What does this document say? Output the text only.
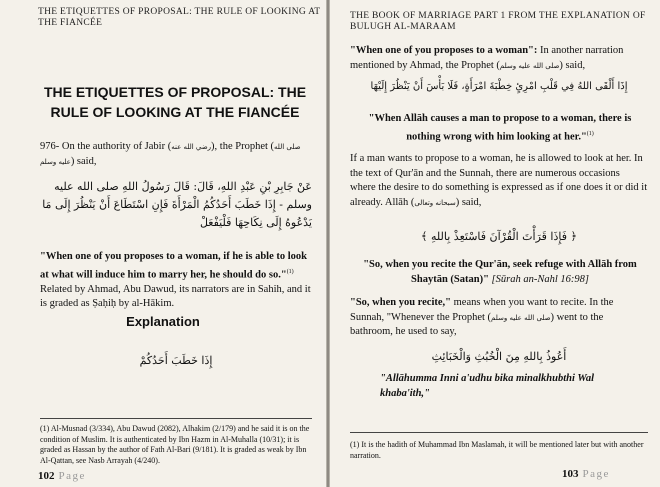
THE ETIQUETTES OF PROPOSAL: THE RULE OF LOOKING AT THE FIANCÉE
THE ETIQUETTES OF PROPOSAL: THE RULE OF LOOKING AT THE FIANCÉE
976- On the authority of Jabir (رضي الله عنه), the Prophet (صلى الله عليه وسلم) said,
عَنْ جَابِرِ بْنِ عَبْدِ اللهِ، قَالَ: قَالَ رَسُولُ اللهِ صلى الله عليه وسلم - إِذَا خَطَبَ أَحَدُكُمُ الْمَرْأَةَ فَإِنِ اسْتَطَاعَ أَنْ يَنْظُرَ إِلَى مَا يَدْعُوهُ إِلَى نِكَاحِهَا فَلْيَفْعَلْ
"When one of you proposes to a woman, if he is able to look at what will induce him to marry her, he should do so."$^{(1)}$ Related by Ahmad, Abu Dawud, its narrators are in Sahih, and it is graded as Ṣaḥiḥ by al-Hākim.
Explanation
إِذَا خَطَبَ أَحَدُكُمْ
(1) Al-Musnad (3/334), Abu Dawud (2082), Alhakim (2/179) and he said it is on the condition of Muslim. It is authenticated by Ibn Hazm in Al-Muhalla (10/31); it is graded as Hassan by the author of Fath Al-Bari (9/181). It is graded as weak by Ibn Al-Qattan, see Nasb Arrayah (4/240).
102 Page
THE BOOK OF MARRIAGE PART 1 FROM THE EXPLANATION OF BULUGH AL-MARAAM
"When one of you proposes to a woman": In another narration mentioned by Ahmad, the Prophet (صلى الله عليه وسلم) said,
إِذَا أَلْقَى اللهُ فِي قَلْبِ امْرِئٍ خِطْبَةَ امْرَأَةٍ، فَلَا بَأْسَ أَنْ يَنْظُرَ إِلَيْهَا
"When Allāh causes a man to propose to a woman, there is nothing wrong with him looking at her."$^{(1)}$
If a man wants to propose to a woman, he is allowed to look at her. In the text of Qur'ān and the Sunnah, there are numerous occasions where the desire to do something is expressed as if one does it or did it already. Allāh (سبحانه وتعالى) said,
﴿ فَإِذَا قَرَأْتَ الْقُرْآنَ فَاسْتَعِذْ بِاللهِ ﴾
"So, when you recite the Qur'ān, seek refuge with Allāh from Shaytān (Satan)" [Sūrah an-Nahl 16:98]
"So, when you recite," means when you want to recite. In the Sunnah, "Whenever the Prophet (صلى الله عليه وسلم) went to the bathroom, he used to say,
أَعُوذُ بِاللهِ مِنَ الْخُبُثِ وَالْخَبَائِثِ
"Allāhumma Inni a'udhu bika minalkhubthi Wal khaba'ith,"
(1) It is the hadith of Muhammad Ibn Maslamah, it will be mentioned later but with another narration.
103 Page
